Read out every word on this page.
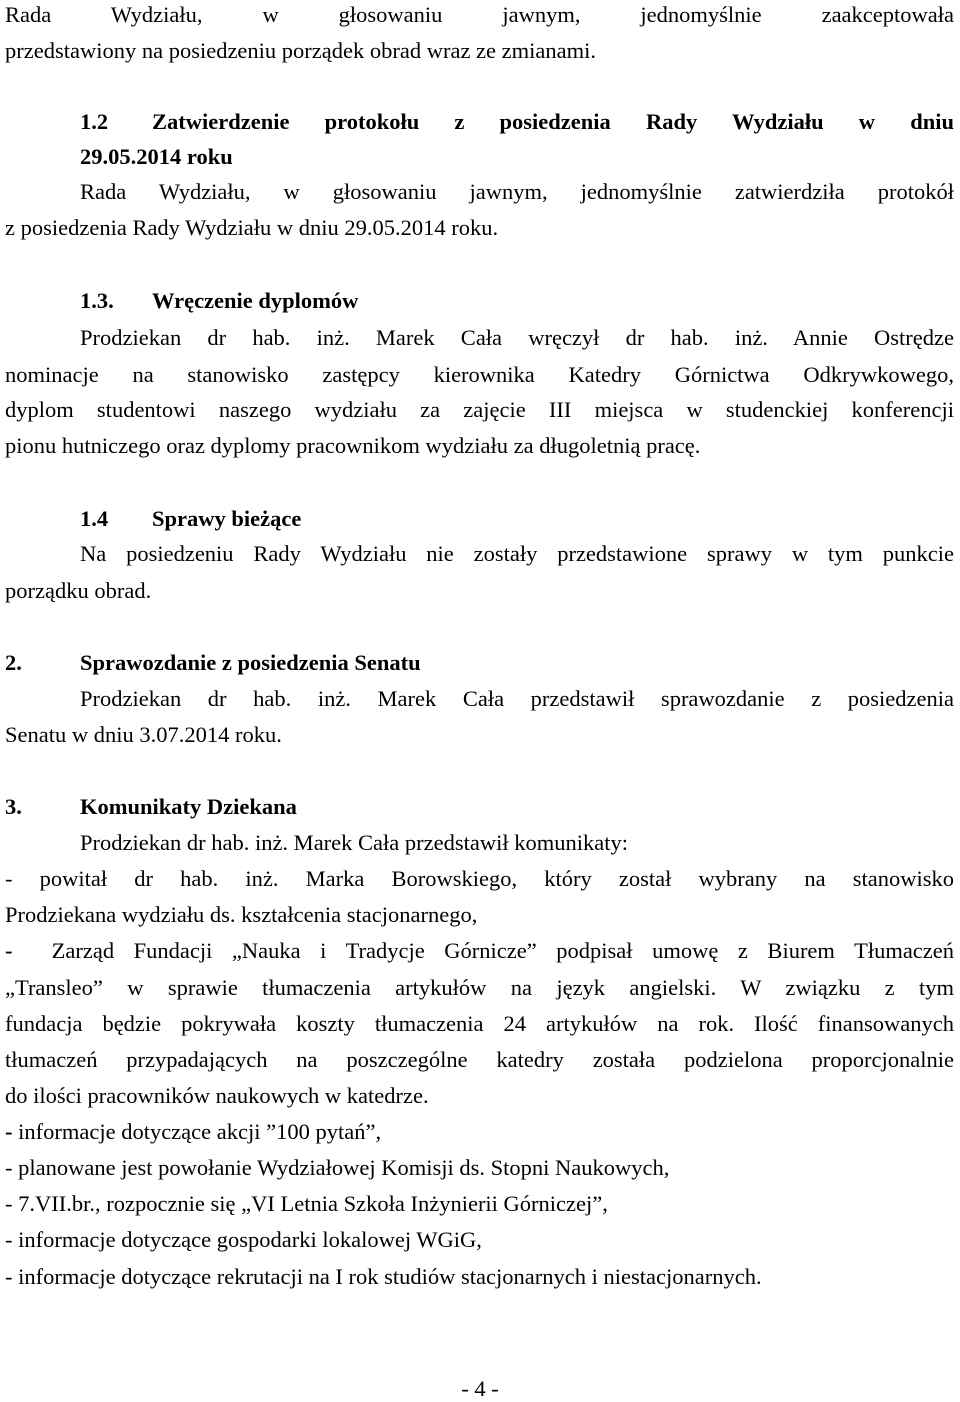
Rada Wydziału, w głosowaniu jawnym, jednomyślnie zaakceptowała
przedstawiony na posiedzeniu porządek obrad wraz ze zmianami.
1.2 Zatwierdzenie protokołu z posiedzenia Rady Wydziału w dniu
29.05.2014 roku
Rada Wydziału, w głosowaniu jawnym, jednomyślnie zatwierdziła protokół
z posiedzenia Rady Wydziału w dniu 29.05.2014 roku.
1.3. Wręczenie dyplomów
Prodziekan dr hab. inż. Marek Cała wręczył dr hab. inż. Annie Ostrędze
nominacje na stanowisko zastępcy kierownika Katedry Górnictwa Odkrywkowego,
dyplom studentowi naszego wydziału za zajęcie III miejsca w studenckiej konferencji
pionu hutniczego oraz dyplomy pracownikom wydziału za długoletnią pracę.
1.4 Sprawy bieżące
Na posiedzeniu Rady Wydziału nie zostały przedstawione sprawy w tym punkcie
porządku obrad.
2.	Sprawozdanie z posiedzenia Senatu
Prodziekan dr hab. inż. Marek Cała przedstawił sprawozdanie z posiedzenia
Senatu w dniu 3.07.2014 roku.
3.	Komunikaty Dziekana
Prodziekan dr hab. inż. Marek Cała przedstawił komunikaty:
- powitał dr hab. inż. Marka Borowskiego, który został wybrany na stanowisko
Prodziekana wydziału ds. kształcenia stacjonarnego,
- Zarząd Fundacji „Nauka i Tradycje Górnicze” podpisał umowę z Biurem Tłumaczeń
„Transleo” w sprawie tłumaczenia artykułów na język angielski. W związku z tym
fundacja będzie pokrywała koszty tłumaczenia 24 artykułów na rok. Ilość finansowanych
tłumaczeń przypadających na poszczególne katedry została podzielona proporcjonalnie
do ilości pracowników naukowych w katedrze.
- informacje dotyczące akcji ”100 pytań”,
- planowane jest powołanie Wydziałowej Komisji ds. Stopni Naukowych,
- 7.VII.br., rozpocznie się „VI Letnia Szkoła Inżynierii Górniczej”,
- informacje dotyczące gospodarki lokalowej WGiG,
- informacje dotyczące rekrutacji na I rok studiów stacjonarnych i niestacjonarnych.
- 4 -
